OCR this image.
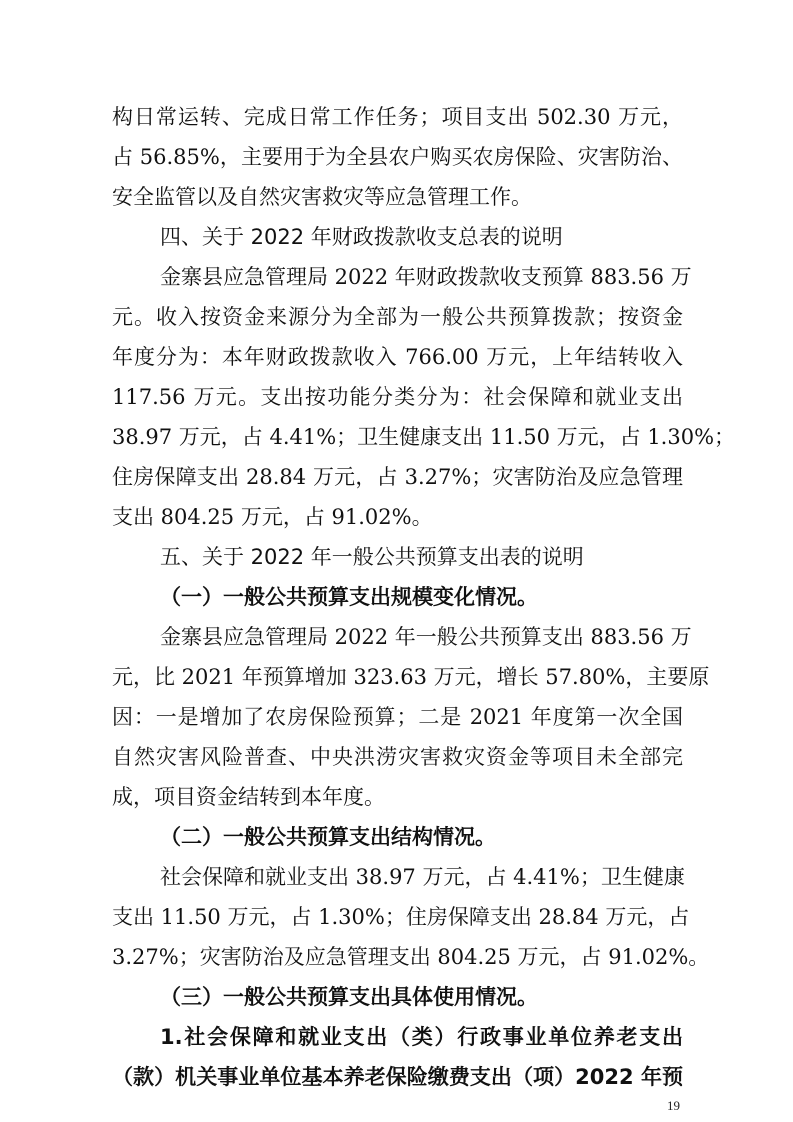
构日常运转、完成日常工作任务；项目支出 502.30 万元，
占 56.85%，主要用于为全县农户购买农房保险、灾害防治、
安全监管以及自然灾害救灾等应急管理工作。
四、关于 2022 年财政拨款收支总表的说明
金寨县应急管理局 2022 年财政拨款收支预算 883.56 万
元。收入按资金来源分为全部为一般公共预算拨款；按资金
年度分为：本年财政拨款收入 766.00 万元，上年结转收入
117.56 万元。支出按功能分类分为：社会保障和就业支出
38.97 万元，占 4.41%；卫生健康支出 11.50 万元，占 1.30%；
住房保障支出 28.84 万元，占 3.27%；灾害防治及应急管理
支出 804.25 万元，占 91.02%。
五、关于 2022 年一般公共预算支出表的说明
（一）一般公共预算支出规模变化情况。
金寨县应急管理局 2022 年一般公共预算支出 883.56 万
元，比 2021 年预算增加 323.63 万元，增长 57.80%，主要原
因：一是增加了农房保险预算；二是 2021 年度第一次全国
自然灾害风险普查、中央洪涝灾害救灾资金等项目未全部完
成，项目资金结转到本年度。
（二）一般公共预算支出结构情况。
社会保障和就业支出 38.97 万元，占 4.41%；卫生健康
支出 11.50 万元，占 1.30%；住房保障支出 28.84 万元，占
3.27%；灾害防治及应急管理支出 804.25 万元，占 91.02%。
（三）一般公共预算支出具体使用情况。
1.社会保障和就业支出（类）行政事业单位养老支出
（款）机关事业单位基本养老保险缴费支出（项）2022 年预
19
